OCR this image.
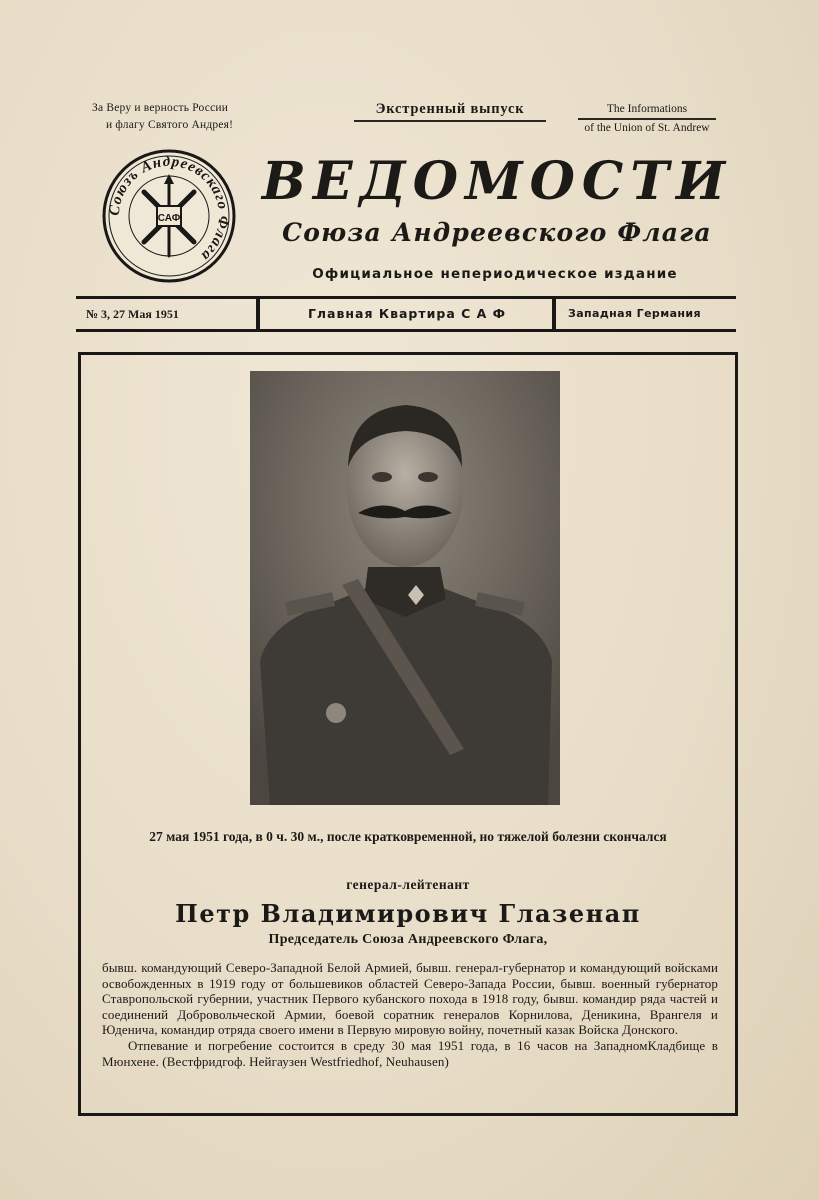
За Веру и верность России
и флагу Святого Андрея!
Экстренный выпуск	The Informations
of the Union of St. Andrew
Союзъ Андреевскаго Флага
САФ
ВЕДОМОСТИ
Союза Андреевского Флага
Официальное непериодическое издание
№ 3, 27 Мая 1951	Главная Квартира С А Ф	Западная Германия
27 мая 1951 года, в 0 ч. 30 м., после кратковременной, но тяжелой болезни скончался
генерал-лейтенант
Петр Владимирович Глазенап
Председатель Союза Андреевского Флага,

бывш. командующий Северо-Западной Белой Армией, бывш. генерал-губернатор и командующий войсками освобожденных в 1919 году от большевиков областей Северо-Запада России, бывш. военный губернатор Ставропольской губернии, участник Первого кубанского похода в 1918 году, бывш. командир ряда частей и соединений Добровольческой Армии, боевой соратник генералов Корнилова, Деникина, Врангеля и Юденича, командир отряда своего имени в Первую мировую войну, почетный казак Войска Донского.

Отпевание и погребение состоится в среду 30 мая 1951 года, в 16 часов на ЗападномКладбище в Мюнхене. (Вестфридгоф. Нейгаузен Westfriedhof, Neuhausen)
